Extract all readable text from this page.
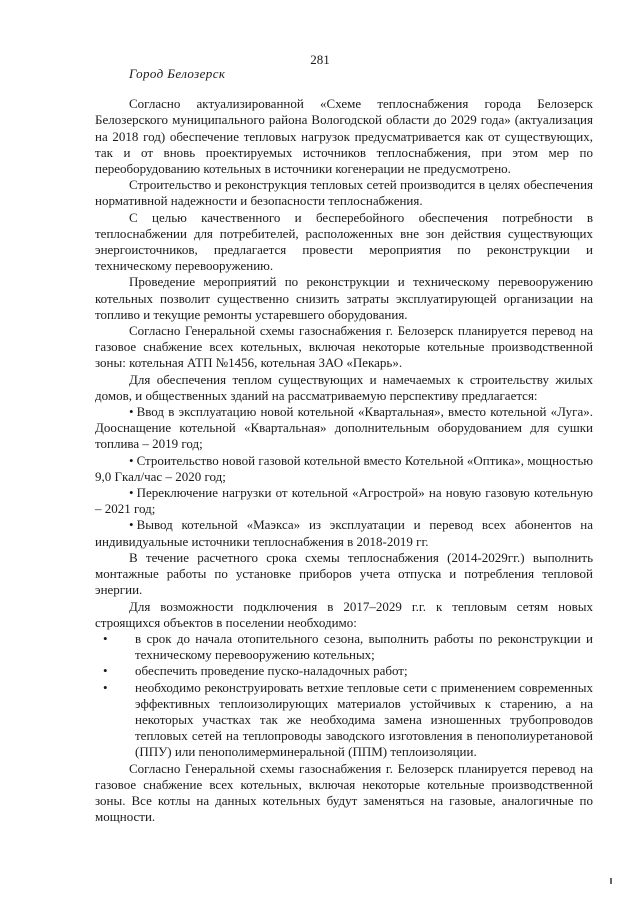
281

Город Белозерск

Согласно актуализированной «Схеме теплоснабжения города Белозерск Белозерского муниципального района Вологодской области до 2029 года» (актуализация на 2018 год) обеспечение тепловых нагрузок предусматривается как от существующих, так и от вновь проектируемых источников теплоснабжения, при этом мер по переоборудованию котельных в источники когенерации не предусмотрено.

Строительство и реконструкция тепловых сетей производится в целях обеспечения нормативной надежности и безопасности теплоснабжения.

С целью качественного и бесперебойного обеспечения потребности в теплоснабжении для потребителей, расположенных вне зон действия существующих энергоисточников, предлагается провести мероприятия по реконструкции и техническому перевооружению.

Проведение мероприятий по реконструкции и техническому перевооружению котельных позволит существенно снизить затраты эксплуатирующей организации на топливо и текущие ремонты устаревшего оборудования.

Согласно Генеральной схемы газоснабжения г. Белозерск планируется перевод на газовое снабжение всех котельных, включая некоторые котельные производственной зоны: котельная АТП №1456, котельная ЗАО «Пекарь».

Для обеспечения теплом существующих и намечаемых к строительству жилых домов, и общественных зданий на рассматриваемую перспективу предлагается:

• Ввод в эксплуатацию новой котельной «Квартальная», вместо котельной «Луга». Дооснащение котельной «Квартальная» дополнительным оборудованием для сушки топлива – 2019 год;

• Строительство новой газовой котельной вместо Котельной «Оптика», мощностью 9,0 Гкал/час – 2020 год;

• Переключение нагрузки от котельной «Агрострой» на новую газовую котельную – 2021 год;

• Вывод котельной «Маэкса» из эксплуатации и перевод всех абонентов на индивидуальные источники теплоснабжения в 2018-2019 гг.

В течение расчетного срока схемы теплоснабжения (2014-2029гг.) выполнить монтажные работы по установке приборов учета отпуска и потребления тепловой энергии.

Для возможности подключения в 2017–2029 г.г. к тепловым сетям новых строящихся объектов в поселении необходимо:

• в срок до начала отопительного сезона, выполнить работы по реконструкции и техническому перевооружению котельных;
• обеспечить проведение пуско-наладочных работ;
• необходимо реконструировать ветхие тепловые сети с применением современных эффективных теплоизолирующих материалов устойчивых к старению, а на некоторых участках так же необходима замена изношенных трубопроводов тепловых сетей на теплопроводы заводского изготовления в пенополиуретановой (ППУ) или пенополимерминеральной (ППМ) теплоизоляции.

Согласно Генеральной схемы газоснабжения г. Белозерск планируется перевод на газовое снабжение всех котельных, включая некоторые котельные производственной зоны. Все котлы на данных котельных будут заменяться на газовые, аналогичные по мощности.
